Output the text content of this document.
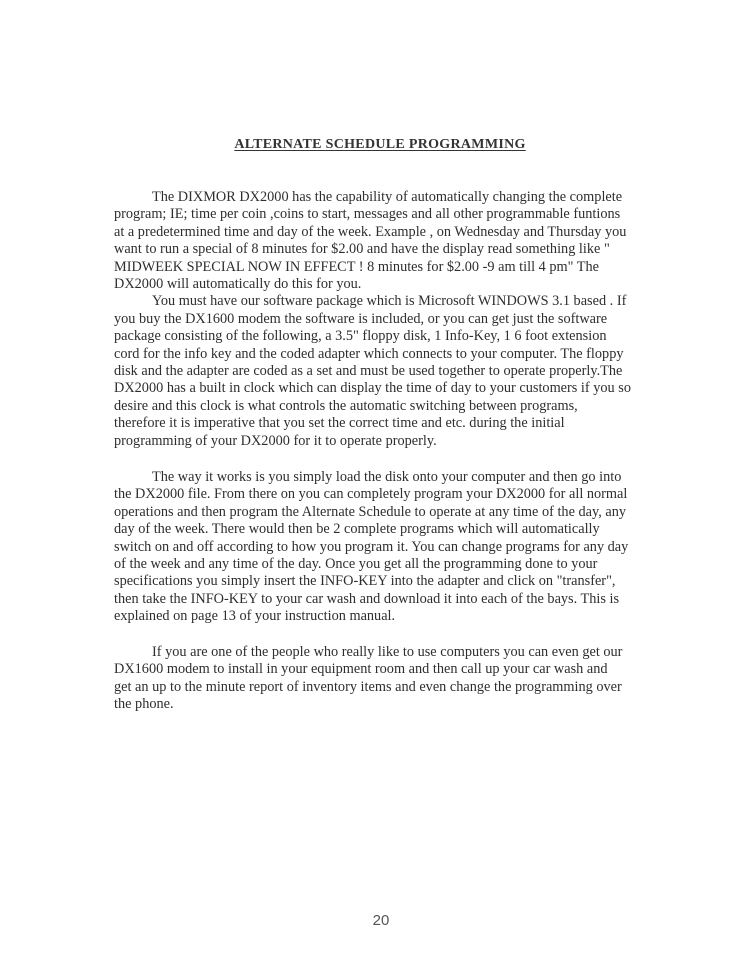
ALTERNATE SCHEDULE PROGRAMMING
The DIXMOR DX2000 has the capability of automatically changing the complete
program; IE; time per coin ,coins to start, messages and all other programmable funtions
at a predetermined time and day of the week. Example , on Wednesday and Thursday you
want to run a special of 8 minutes for $2.00 and have the display read something like "
MIDWEEK SPECIAL NOW IN EFFECT ! 8 minutes for $2.00 -9 am till 4 pm" The
DX2000 will automatically do this for you.
You must have our software package which is Microsoft WINDOWS 3.1 based . If
you buy the DX1600 modem the software is included, or you can get just the software
package consisting of the following, a 3.5" floppy disk, 1 Info-Key, 1 6 foot extension
cord for the info key and the coded adapter which connects to your computer. The floppy
disk and the adapter are coded as a set and must be used together to operate properly.The
DX2000 has a built in clock which can display the time of day to your customers if you so
desire and this clock is what controls the automatic switching between programs,
therefore it is imperative that you set the correct time and etc. during the initial
programming of your DX2000 for it to operate properly.
The way it works is you simply load the disk onto your computer and then go into
the DX2000 file. From there on you can completely program your DX2000 for all normal
operations and then program the Alternate Schedule to operate at any time of the day, any
day of the week. There would then be 2 complete programs which will automatically
switch on and off according to how you program it. You can change programs for any day
of the week and any time of the day. Once you get all the programming done to your
specifications you simply insert the INFO-KEY into the adapter and click on "transfer",
then take the INFO-KEY to your car wash and download it into each of the bays. This is
explained on page 13 of your instruction manual.
If you are one of the people who really like to use computers you can even get our
DX1600 modem to install in your equipment room and then call up your car wash and
get an up to the minute report of inventory items and even change the programming over
the phone.
20
